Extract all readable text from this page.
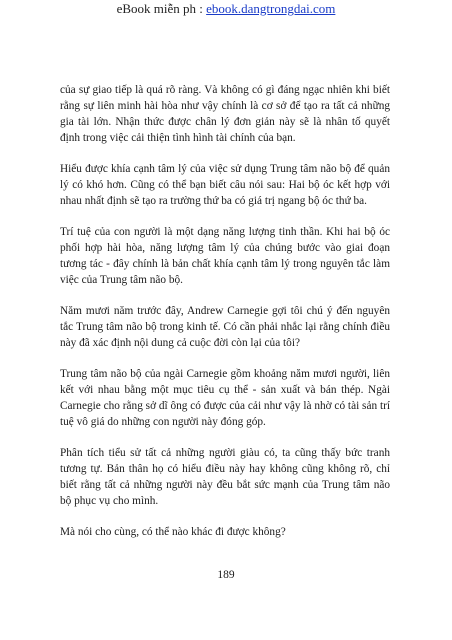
eBook miễn ph : ebook.dangtrongdai.com

của sự giao tiếp là quá rõ ràng. Và không có gì đáng ngạc nhiên khi biết rằng sự liên minh hài hòa như vậy chính là cơ sở để tạo ra tất cả những gia tài lớn. Nhận thức được chân lý đơn giản này sẽ là nhân tố quyết định trong việc cải thiện tình hình tài chính của bạn.

Hiểu được khía cạnh tâm lý của việc sử dụng Trung tâm não bộ để quản lý có khó hơn. Cũng có thể bạn biết câu nói sau: Hai bộ óc kết hợp với nhau nhất định sẽ tạo ra trường thứ ba có giá trị ngang bộ óc thứ ba.

Trí tuệ của con người là một dạng năng lượng tinh thần. Khi hai bộ óc phối hợp hài hòa, năng lượng tâm lý của chúng bước vào giai đoạn tương tác - đây chính là bản chất khía cạnh tâm lý trong nguyên tắc làm việc của Trung tâm não bộ.

Năm mươi năm trước đây, Andrew Carnegie gợi tôi chú ý đến nguyên tắc Trung tâm não bộ trong kinh tế. Có cần phải nhắc lại rằng chính điều này đã xác định nội dung cả cuộc đời còn lại của tôi?

Trung tâm não bộ của ngài Carnegie gồm khoảng năm mươi người, liên kết với nhau bằng một mục tiêu cụ thể - sản xuất và bán thép. Ngài Carnegie cho rằng sở dĩ ông có được của cải như vậy là nhờ có tài sản trí tuệ vô giá do những con người này đóng góp.

Phân tích tiểu sử tất cả những người giàu có, ta cũng thấy bức tranh tương tự. Bản thân họ có hiểu điều này hay không cũng không rõ, chỉ biết rằng tất cả những người này đều bắt sức mạnh của Trung tâm não bộ phục vụ cho mình.

Mà nói cho cùng, có thể nào khác đi được không?

189
